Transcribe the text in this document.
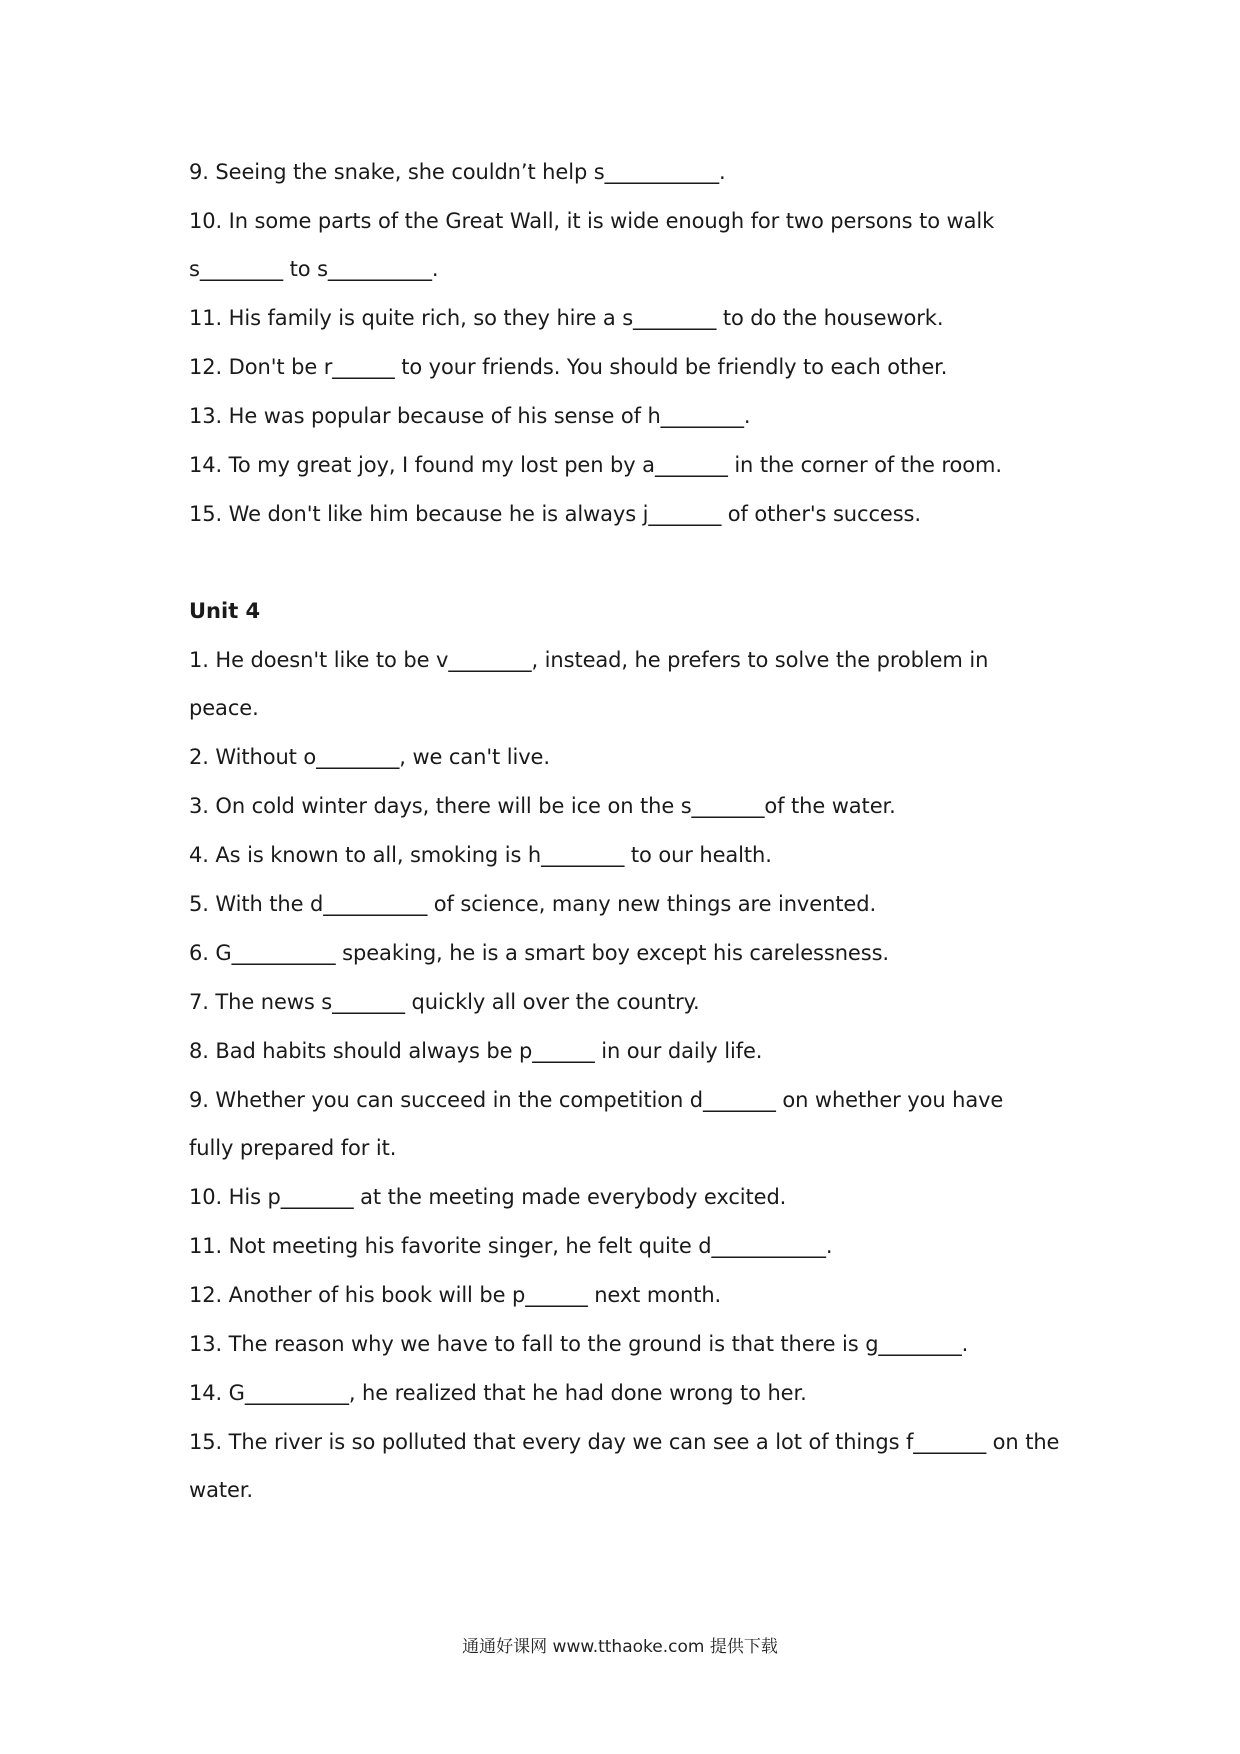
9. Seeing the snake, she couldn’t help s___________.

10. In some parts of the Great Wall, it is wide enough for two persons to walk

s________ to s__________.

11. His family is quite rich, so they hire a s________ to do the housework.

12. Don't be r______ to your friends. You should be friendly to each other.

13. He was popular because of his sense of h________.

14. To my great joy, I found my lost pen by a_______ in the corner of the room.

15. We don't like him because he is always j_______ of other's success.

Unit 4

1. He doesn't like to be v________, instead, he prefers to solve the problem in

peace.

2. Without o________, we can't live.

3. On cold winter days, there will be ice on the s_______of the water.

4. As is known to all, smoking is h________ to our health.

5. With the d__________ of science, many new things are invented.

6. G__________ speaking, he is a smart boy except his carelessness.

7. The news s_______ quickly all over the country.

8. Bad habits should always be p______ in our daily life.

9. Whether you can succeed in the competition d_______ on whether you have

fully prepared for it.

10. His p_______ at the meeting made everybody excited.

11. Not meeting his favorite singer, he felt quite d___________.

12. Another of his book will be p______ next month.

13. The reason why we have to fall to the ground is that there is g________.

14. G__________, he realized that he had done wrong to her.

15. The river is so polluted that every day we can see a lot of things f_______ on the

water.

通通好课网 www.tthaoke.com 提供下载
